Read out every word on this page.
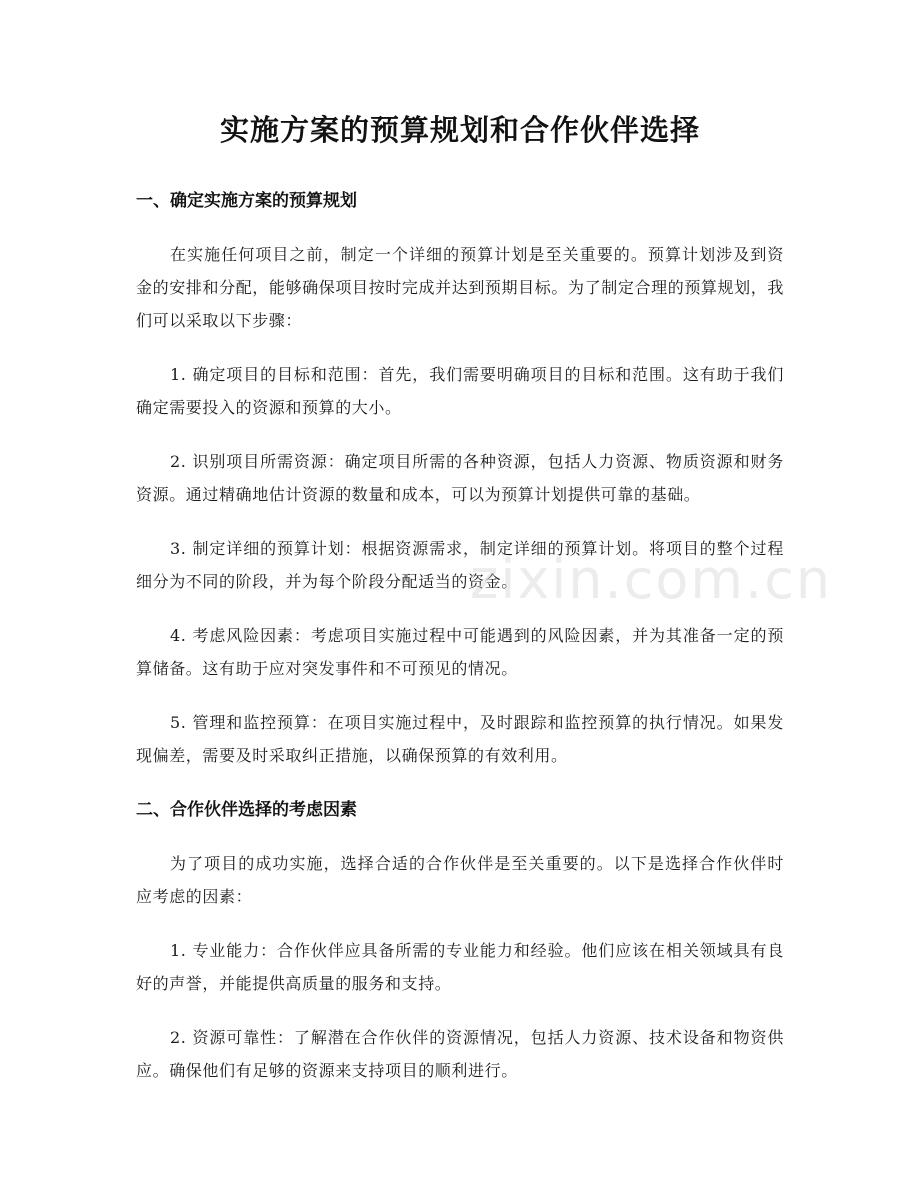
实施方案的预算规划和合作伙伴选择
一、确定实施方案的预算规划

在实施任何项目之前，制定一个详细的预算计划是至关重要的。预算计划涉及到资金的安排和分配，能够确保项目按时完成并达到预期目标。为了制定合理的预算规划，我们可以采取以下步骤：

1. 确定项目的目标和范围：首先，我们需要明确项目的目标和范围。这有助于我们确定需要投入的资源和预算的大小。

2. 识别项目所需资源：确定项目所需的各种资源，包括人力资源、物质资源和财务资源。通过精确地估计资源的数量和成本，可以为预算计划提供可靠的基础。

3. 制定详细的预算计划：根据资源需求，制定详细的预算计划。将项目的整个过程细分为不同的阶段，并为每个阶段分配适当的资金。

4. 考虑风险因素：考虑项目实施过程中可能遇到的风险因素，并为其准备一定的预算储备。这有助于应对突发事件和不可预见的情况。

5. 管理和监控预算：在项目实施过程中，及时跟踪和监控预算的执行情况。如果发现偏差，需要及时采取纠正措施，以确保预算的有效利用。

二、合作伙伴选择的考虑因素

为了项目的成功实施，选择合适的合作伙伴是至关重要的。以下是选择合作伙伴时应考虑的因素：

1. 专业能力：合作伙伴应具备所需的专业能力和经验。他们应该在相关领域具有良好的声誉，并能提供高质量的服务和支持。

2. 资源可靠性：了解潜在合作伙伴的资源情况，包括人力资源、技术设备和物资供应。确保他们有足够的资源来支持项目的顺利进行。

zixin.com.cn
